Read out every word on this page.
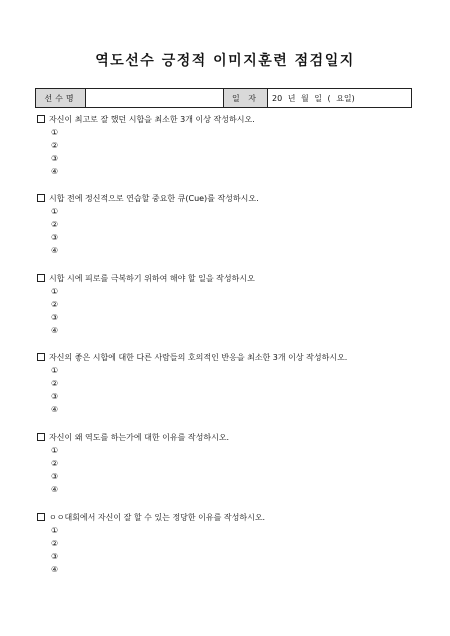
역도선수 긍정적 이미지훈련 점검일지
선수명		일 자	20 년 월 일 ( 요일)
자신이 최고로 잘 했던 시합을 최소한 3개 이상 작성하시오.
①
②
③
④
시합 전에 정신적으로 연습할 중요한 큐(Cue)를 작성하시오.
①
②
③
④
시합 시에 피로를 극복하기 위하여 해야 할 일을 작성하시오
①
②
③
④
자신의 좋은 시합에 대한 다른 사람들의 호의적인 반응을 최소한 3개 이상 작성하시오.
①
②
③
④
자신이 왜 역도를 하는가에 대한 이유를 작성하시오.
①
②
③
④
ㅇㅇ대회에서 자신이 잘 할 수 있는 정당한 이유를 작성하시오.
①
②
③
④
